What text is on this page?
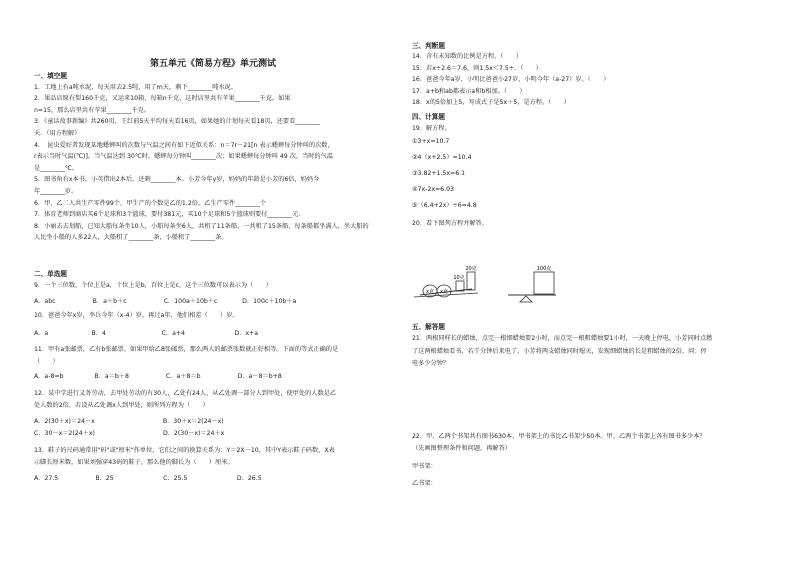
第五单元《简易方程》单元测试
一、填空题
1．工地上有a吨水泥，每天用去2.5吨，用了m天，剩下________吨水泥。
2．果品店原有梨160千克，又运来10箱，每箱n千克，这时店里共有苹果________千克。如果
n=15，那么店里共有苹果________千克。
3．《童话故事新编》共260页，王红前5天平均每天看16页，如果她的计划每天看18页，还要看________
天．（用方程解）
4．　昆虫爱好者发现某地蟋蟀叫的次数与气温之间有如下近似关系：n＝7r－21[n 表示蟋蟀每分钟叫的次数，
r表示当时气温(℃)]。当气温达到 30℃时，蟋蟀每分钟叫________次；如果蟋蟀每分钟叫 49 次，当时的气温
是________℃。
5．图书角有x本书，小英借出2本后，还剩________本。小芳今年y岁，妈妈的年龄是小芳的6倍，妈妈今
年________岁。
6．甲、乙二人共生产零件99个，甲生产的个数是乙的1.2倍，乙生产零件________个
7．体育老师到商店买6个足球和3个篮球，要付381元，买10个足球和5个篮球则要付________元．
8．小丽去去划船，已知大船每条坐10人，小船每条坐6人，共租了11条船，一共租了15条船，每条船都坐满人，坐大船的
人比坐小船的人多22人，大船租了________条，小船租了________条。
二、单选题
9．一个三位数，个位上是a，十位上是b，百位上是c，这个三位数可以表示为（　　）
A．abc　　　　　　B．a＋b＋c　　　　　　C．100a＋10b＋c　　　　D．100c＋10b＋a
10．爸爸今年x岁，李兵今年（x-4）岁，再过a年，他们相差（　　）岁。
A．a　　　　　　　B．4　　　　　　　　　C．a+4　　　　　　　　D．x+a
11．甲有a张邮票，乙有b张邮票，如果甲给乙8张邮票，那么两人的邮票张数就正好相等。下面的等式正确的是
（　　）
A．a-8=b　　　　　B．a＝b＋8　　　　　　C．a＋8＝b　　　　　　D．a－8＝b+8
12．某中学进行义务劳动，去甲处劳动的有30人，乙处有24人，从乙处调一部分人到甲处，使甲处的人数是乙
处人数的2倍，若设从乙处调x人到甲处，则所列方程为（　　）
A．2(30＋x)＝24－x　　　　　　　　　　　B．30＋x＝2(24－x)
C．30－x＝2(24＋x)　　　　　　　　　　　D．2(30－x)＝24＋x
13．鞋子的尺码通常用"码"或"厘米"作单位，它们之间的换算关系为：Y＝2X－10，其中Y表示鞋子码数，X表
示脚长厘米数，如果刘强穿43码的鞋子，那么他的脚长为（　　）厘米。
A．27.5　　　　　　B．25　　　　　　　　C．25.5　　　　　　　　D．26.5
三、判断题
14．含有未知数的比例是方程。（　　）
15．若x÷2.6＝7.6，则1.5x＜7.5÷．（　　）
16．爸爸今年a岁，小明比爸爸小27岁，小明今年（a-27）岁。（　　）
17．a+b和ab都表示a和b相加。（　　）
18．x的5倍加上5，写成式子是5x＋5，是方程。（　　）
四、计算题
19．解方程。
①3+x=10.7
②4（x+2.5）=10.4
③3.82+1.5x=6.1
④7x-2x=6.03
⑤（6.4+2x）÷6=4.8
20．看下图列方程并解答。
五、解答题
21．两根同样长的蜡烛，点完一根细蜡烛要2小时，而点完一根粗蜡烛要1小时，一天晚上停电，小芳同时点燃
了这两根蜡烛看书，若干分钟后来电了，小芳将两支蜡烛同时熄灭，发现细蜡烛的长是粗蜡烛的2倍，问：停
电多少分钟？
22．甲、乙两个书架共有图书630本，甲书架上的书比乙书架少50本。甲、乙两个书架上各有图书多少本？
（先画图整理条件和问题，再解答）
甲书架：
乙书架：
x克 x克
10克
20克	100克
